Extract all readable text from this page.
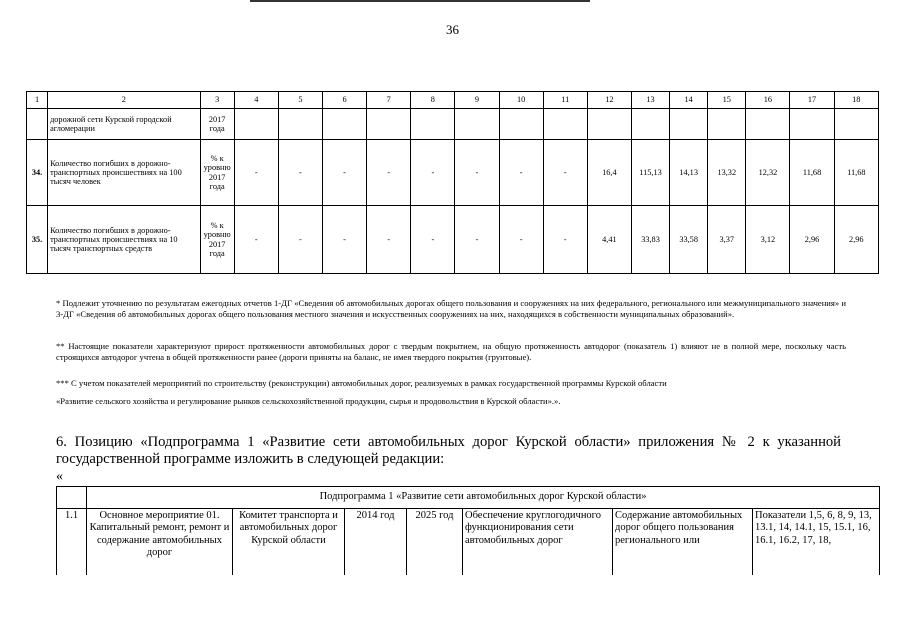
36
1	2	3	4	5	6	7	8	9	10	11	12	13	14	15	16	17	18
	дорожной сети Курской городской агломерации	2017 года															
34.	Количество погибших в дорожно-транспортных происшествиях на 100 тысяч человек	% к уровню 2017 года	-	-	-	-	-	-	-	-	16,4	115,13	14,13	13,32	12,32	11,68	11,68
35.	Количество погибших в дорожно-транспортных происшествиях на 10 тысяч транспортных средств	% к уровню 2017 года	-	-	-	-	-	-	-	-	4,41	33,83	33,58	3,37	3,12	2,96	2,96
* Подлежит уточнению по результатам ежегодных отчетов 1-ДГ «Сведения об автомобильных дорогах общего пользования и сооружениях на них федерального, регионального или межмуниципального значения» и 3-ДГ «Сведения об автомобильных дорогах общего пользования местного значения и искусственных сооружениях на них, находящихся в собственности муниципальных образований».
** Настоящие показатели характеризуют прирост протяженности автомобильных дорог с твердым покрытием, на общую протяженность автодорог (показатель 1) влияют не в полной мере, поскольку часть строящихся автодорог учтена в общей протяженности ранее (дороги приняты на баланс, не имея твердого покрытия (грунтовые).
*** С учетом показателей мероприятий по строительству (реконструкции) автомобильных дорог, реализуемых в рамках государственной программы Курской области
«Развитие сельского хозяйства и регулирование рынков сельскохозяйственной продукции, сырья и продовольствия в Курской области».».
6. Позицию «Подпрограмма 1 «Развитие сети автомобильных дорог Курской области» приложения № 2 к указанной государственной программе изложить в следующей редакции:
«
	Подпрограмма 1 «Развитие сети автомобильных дорог Курской области»						
1.1	Основное мероприятие 01. Капитальный ремонт, ремонт и содержание автомобильных дорог	Комитет транспорта и автомобильных дорог Курской области	2014 год	2025 год	Обеспечение круглогодичного функционирования сети автомобильных дорог	Содержание автомобильных дорог общего пользования регионального или	Показатели 1,5, 6, 8, 9, 13, 13.1, 14, 14.1, 15, 15.1, 16, 16.1, 16.2, 17, 18,
